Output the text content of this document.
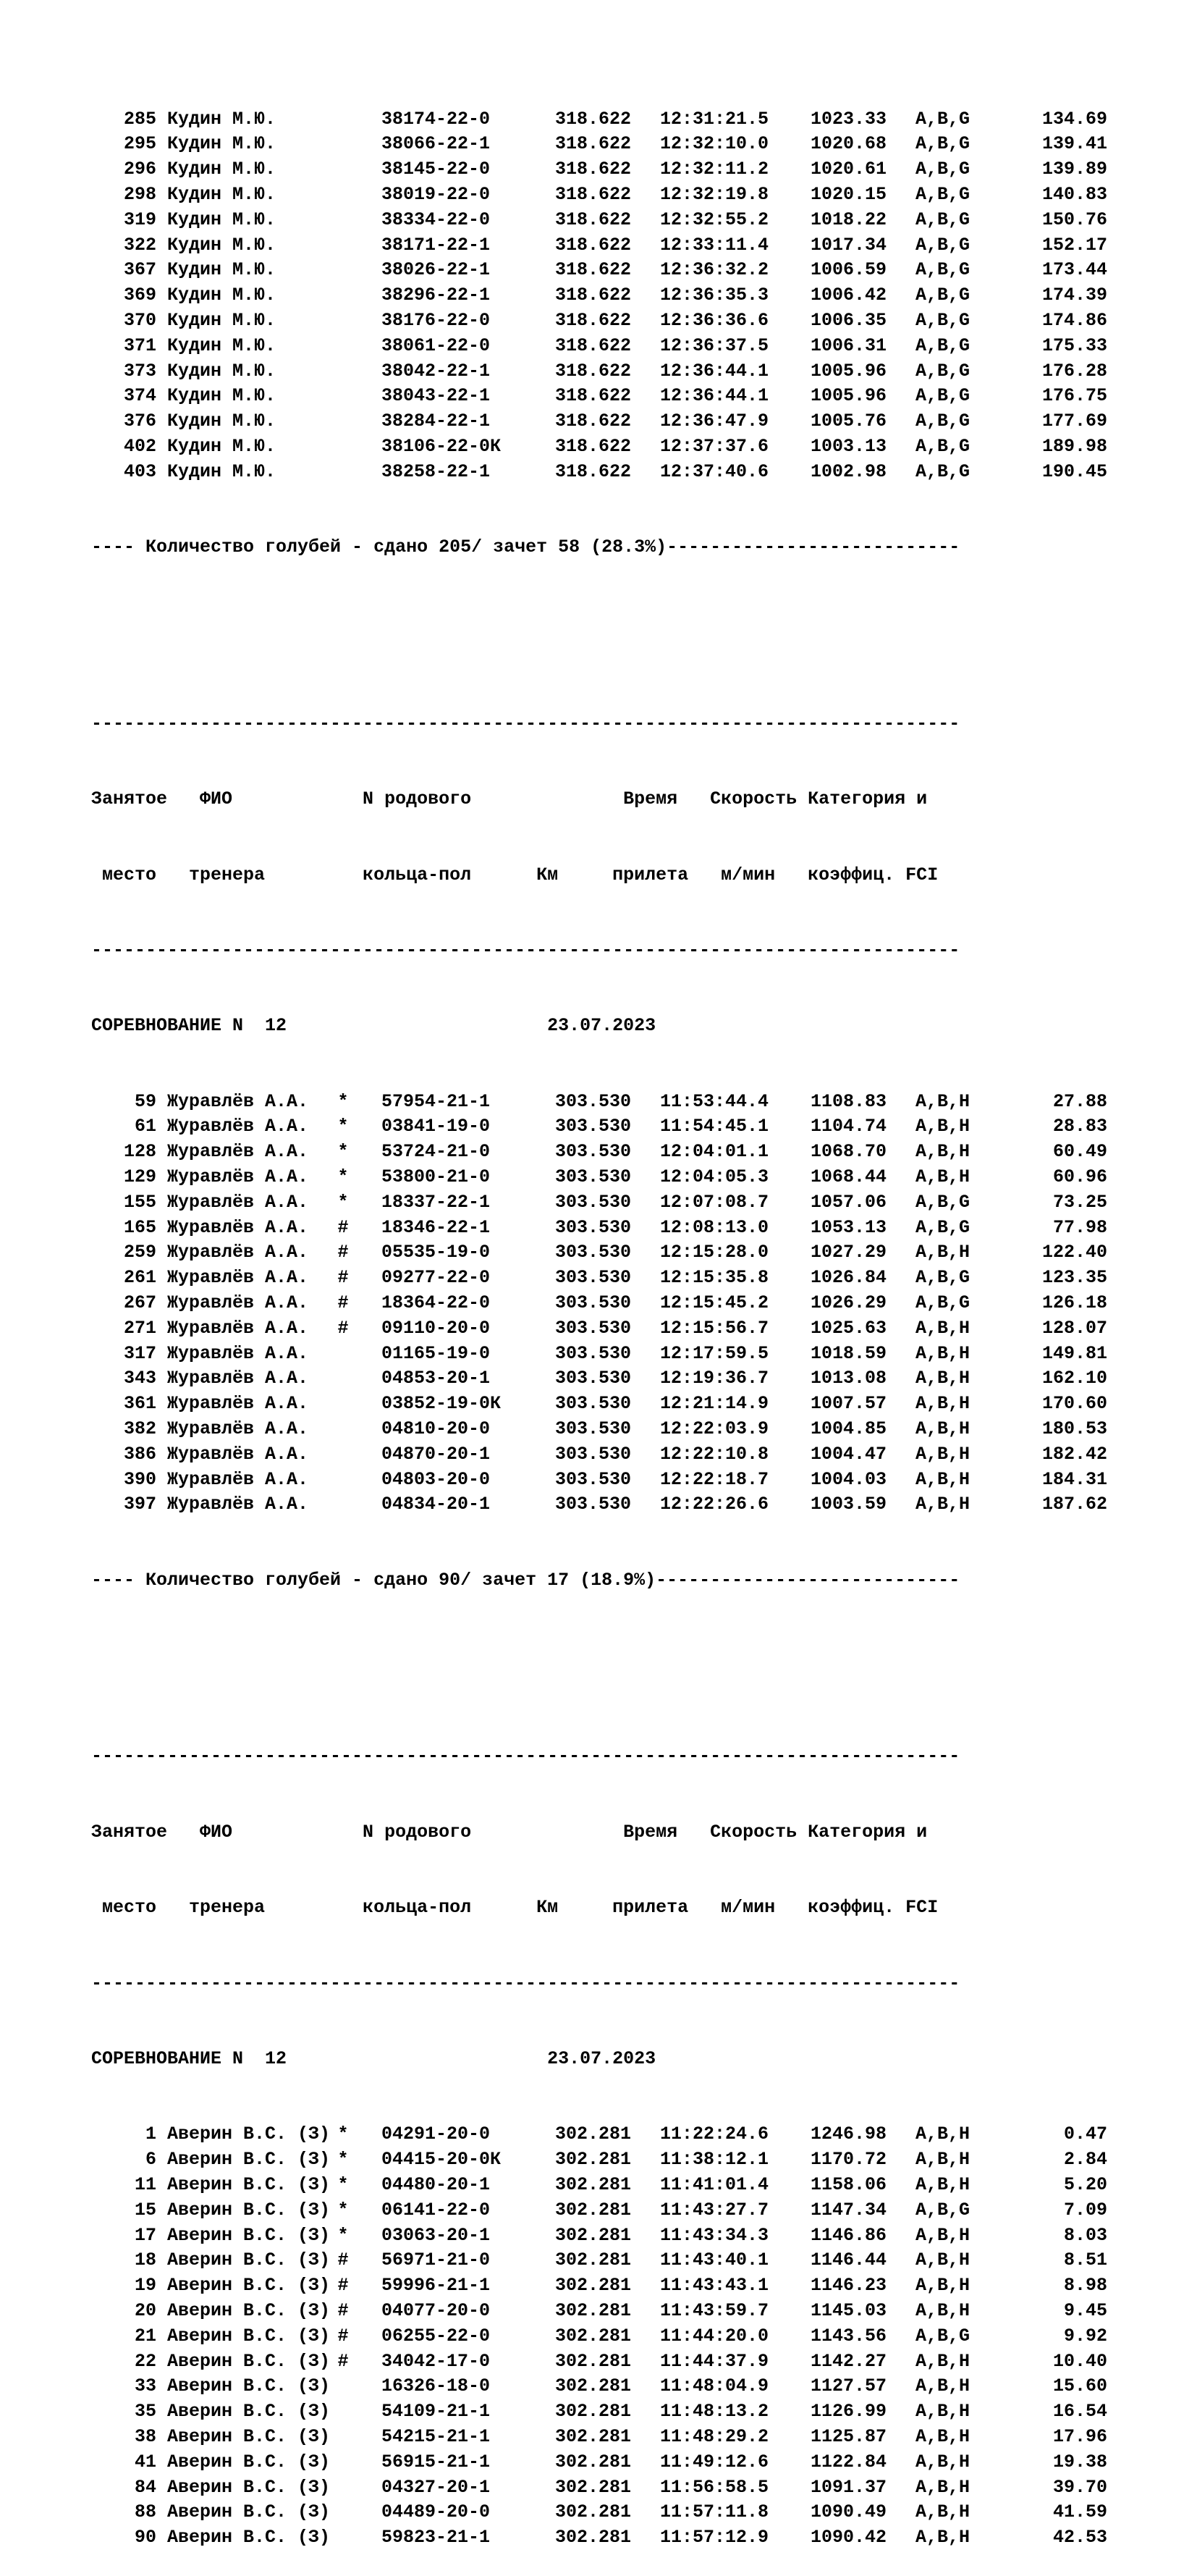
285 Кудин М.Ю.	38174-22-0	318.622 12:31:21.5 1023.33 A,B,G	134.69
295 Кудин М.Ю.	38066-22-1	318.622 12:32:10.0 1020.68 A,B,G	139.41
296 Кудин М.Ю.	38145-22-0	318.622 12:32:11.2 1020.61 A,B,G	139.89
298 Кудин М.Ю.	38019-22-0	318.622 12:32:19.8 1020.15 A,B,G	140.83
319 Кудин М.Ю.	38334-22-0	318.622 12:32:55.2 1018.22 A,B,G	150.76
322 Кудин М.Ю.	38171-22-1	318.622 12:33:11.4 1017.34 A,B,G	152.17
367 Кудин М.Ю.	38026-22-1	318.622 12:36:32.2 1006.59 A,B,G	173.44
369 Кудин М.Ю.	38296-22-1	318.622 12:36:35.3 1006.42 A,B,G	174.39
370 Кудин М.Ю.	38176-22-0	318.622 12:36:36.6 1006.35 A,B,G	174.86
371 Кудин М.Ю.	38061-22-0	318.622 12:36:37.5 1006.31 A,B,G	175.33
373 Кудин М.Ю.	38042-22-1	318.622 12:36:44.1 1005.96 A,B,G	176.28
374 Кудин М.Ю.	38043-22-1	318.622 12:36:44.1 1005.96 A,B,G	176.75
376 Кудин М.Ю.	38284-22-1	318.622 12:36:47.9 1005.76 A,B,G	177.69
402 Кудин М.Ю.	38106-22-0К	318.622 12:37:37.6 1003.13 A,B,G	189.98
403 Кудин М.Ю.	38258-22-1	318.622 12:37:40.6 1002.98 A,B,G	190.45

---- Количество голубей - сдано 205/ зачет 58 (28.3%)---------------------------

--------------------------------------------------------------------------------

Занятое   ФИО            N родового              Время   Скорость Категория и

место   тренера         кольца-пол      Км     прилета   м/мин   коэффиц. FCI

--------------------------------------------------------------------------------

СОРЕВНОВАНИЕ N  12                        23.07.2023

59 Журавлёв А.А. * 57954-21-1	303.530 11:53:44.4 1108.83 A,B,H	27.88
61 Журавлёв А.А. * 03841-19-0	303.530 11:54:45.1 1104.74 A,B,H	28.83
128 Журавлёв А.А. * 53724-21-0	303.530 12:04:01.1 1068.70 A,B,H	60.49
129 Журавлёв А.А. * 53800-21-0	303.530 12:04:05.3 1068.44 A,B,H	60.96
155 Журавлёв А.А. * 18337-22-1	303.530 12:07:08.7 1057.06 A,B,G	73.25
165 Журавлёв А.А. # 18346-22-1	303.530 12:08:13.0 1053.13 A,B,G	77.98
259 Журавлёв А.А. # 05535-19-0	303.530 12:15:28.0 1027.29 A,B,H	122.40
261 Журавлёв А.А. # 09277-22-0	303.530 12:15:35.8 1026.84 A,B,G	123.35
267 Журавлёв А.А. # 18364-22-0	303.530 12:15:45.2 1026.29 A,B,G	126.18
271 Журавлёв А.А. # 09110-20-0	303.530 12:15:56.7 1025.63 A,B,H	128.07
317 Журавлёв А.А.	01165-19-0	303.530 12:17:59.5 1018.59 A,B,H	149.81
343 Журавлёв А.А.	04853-20-1	303.530 12:19:36.7 1013.08 A,B,H	162.10
361 Журавлёв А.А.	03852-19-0К	303.530 12:21:14.9 1007.57 A,B,H	170.60
382 Журавлёв А.А.	04810-20-0	303.530 12:22:03.9 1004.85 A,B,H	180.53
386 Журавлёв А.А.	04870-20-1	303.530 12:22:10.8 1004.47 A,B,H	182.42
390 Журавлёв А.А.	04803-20-0	303.530 12:22:18.7 1004.03 A,B,H	184.31
397 Журавлёв А.А.	04834-20-1	303.530 12:22:26.6 1003.59 A,B,H	187.62

---- Количество голубей - сдано 90/ зачет 17 (18.9%)----------------------------

--------------------------------------------------------------------------------

Занятое   ФИО            N родового              Время   Скорость Категория и

место   тренера         кольца-пол      Км     прилета   м/мин   коэффиц. FCI

--------------------------------------------------------------------------------

СОРЕВНОВАНИЕ N  12                        23.07.2023

1 Аверин В.С. (З) * 04291-20-0	302.281 11:22:24.6 1246.98 A,B,H	0.47
6 Аверин В.С. (З) * 04415-20-0К	302.281 11:38:12.1 1170.72 A,B,H	2.84
11 Аверин В.С. (З) * 04480-20-1	302.281 11:41:01.4 1158.06 A,B,H	5.20
15 Аверин В.С. (З) * 06141-22-0	302.281 11:43:27.7 1147.34 A,B,G	7.09
17 Аверин В.С. (З) * 03063-20-1	302.281 11:43:34.3 1146.86 A,B,H	8.03
18 Аверин В.С. (З) # 56971-21-0	302.281 11:43:40.1 1146.44 A,B,H	8.51
19 Аверин В.С. (З) # 59996-21-1	302.281 11:43:43.1 1146.23 A,B,H	8.98
20 Аверин В.С. (З) # 04077-20-0	302.281 11:43:59.7 1145.03 A,B,H	9.45
21 Аверин В.С. (З) # 06255-22-0	302.281 11:44:20.0 1143.56 A,B,G	9.92
22 Аверин В.С. (З) # 34042-17-0	302.281 11:44:37.9 1142.27 A,B,H	10.40
33 Аверин В.С. (З)	16326-18-0	302.281 11:48:04.9 1127.57 A,B,H	15.60
35 Аверин В.С. (З)	54109-21-1	302.281 11:48:13.2 1126.99 A,B,H	16.54
38 Аверин В.С. (З)	54215-21-1	302.281 11:48:29.2 1125.87 A,B,H	17.96
41 Аверин В.С. (З)	56915-21-1	302.281 11:49:12.6 1122.84 A,B,H	19.38
84 Аверин В.С. (З)	04327-20-1	302.281 11:56:58.5 1091.37 A,B,H	39.70
88 Аверин В.С. (З)	04489-20-0	302.281 11:57:11.8 1090.49 A,B,H	41.59
90 Аверин В.С. (З)	59823-21-1	302.281 11:57:12.9 1090.42 A,B,H	42.53
